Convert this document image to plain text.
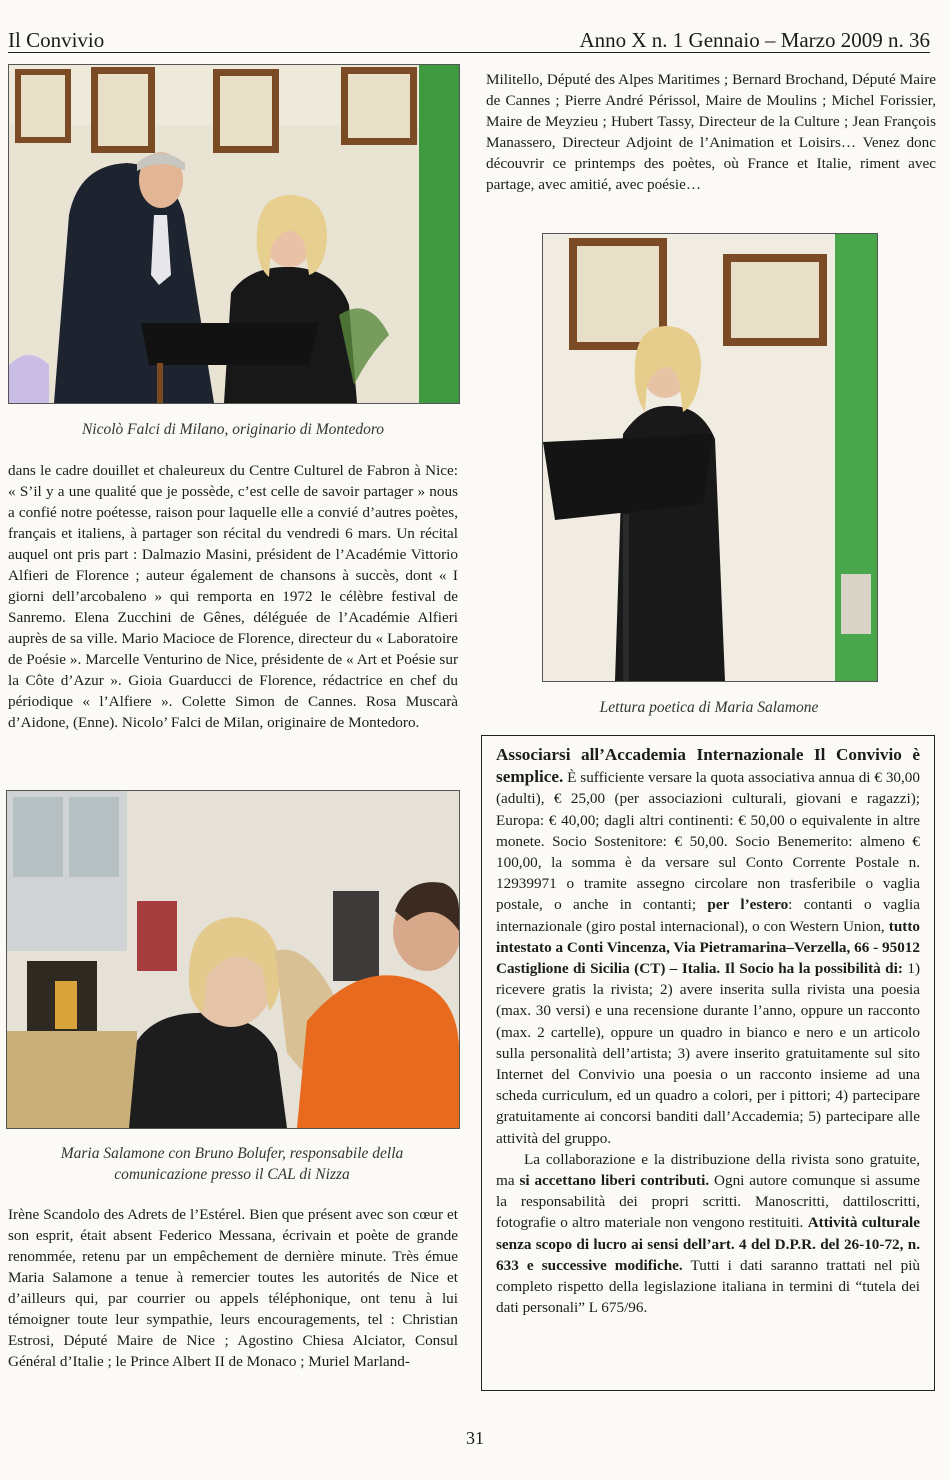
Il Convivio	Anno X n. 1 Gennaio – Marzo 2009 n. 36
Nicolò Falci di Milano, originario di Montedoro

Militello, Député des Alpes Maritimes ; Bernard Brochand, Député Maire de Cannes ; Pierre André Périssol, Maire de Moulins ; Michel Forissier, Maire de Meyzieu ; Hubert Tassy, Directeur de la Culture ; Jean François Manassero, Directeur Adjoint de l’Animation et Loisirs… Venez donc découvrir ce printemps des poètes, où France et Italie, riment avec partage, avec amitié, avec poésie…

Lettura poetica di Maria Salamone

dans le cadre douillet et chaleureux du Centre Culturel de Fabron à Nice: « S’il y a une qualité que je possède, c’est celle de savoir partager » nous a confié notre poétesse, raison pour laquelle elle a convié d’autres poètes, français et italiens, à partager son récital du vendredi 6 mars. Un récital auquel ont pris part : Dalmazio Masini, président de l’Académie Vittorio Alfieri de Florence ; auteur également de chansons à succès, dont « I giorni dell’arcobaleno » qui remporta en 1972 le célèbre festival de Sanremo. Elena Zucchini de Gênes, déléguée de l’Académie Alfieri auprès de sa ville. Mario Macioce de Florence, directeur du « Laboratoire de Poésie ». Marcelle Venturino de Nice, présidente de « Art et Poésie sur la Côte d’Azur ». Gioia Guarducci de Florence, rédactrice en chef du périodique « l’Alfiere ». Colette Simon de Cannes. Rosa Muscarà d’Aidone, (Enne). Nicolo’ Falci de Milan, originaire de Montedoro.

Maria Salamone con Bruno Bolufer, responsabile della
comunicazione presso il CAL di Nizza

Irène Scandolo des Adrets de l’Estérel. Bien que présent avec son cœur et son esprit, était absent Federico Messana, écrivain et poète de grande renommée, retenu par un empêchement de dernière minute. Très émue Maria Salamone a tenue à remercier toutes les autorités de Nice et d’ailleurs qui, par courrier ou appels téléphonique, ont tenu à lui témoigner toute leur sympathie, leurs encouragements, tel : Christian Estrosi, Député Maire de Nice ; Agostino Chiesa Alciator, Consul Général d’Italie ; le Prince Albert II de Monaco ; Muriel Marland-

Associarsi all’Accademia Internazionale Il Convivio è semplice. È sufficiente versare la quota associativa annua di € 30,00 (adulti), € 25,00 (per associazioni culturali, giovani e ragazzi); Europa: € 40,00; dagli altri continenti: € 50,00 o equivalente in altre monete. Socio Sostenitore: € 50,00. Socio Benemerito: almeno € 100,00, la somma è da versare sul Conto Corrente Postale n. 12939971 o tramite assegno circolare non trasferibile o vaglia postale, o anche in contanti; per l’estero: contanti o vaglia internazionale (giro postal internacional), o con Western Union, tutto intestato a Conti Vincenza, Via Pietramarina–Verzella, 66 - 95012 Castiglione di Sicilia (CT) – Italia. Il Socio ha la possibilità di: 1) ricevere gratis la rivista; 2) avere inserita sulla rivista una poesia (max. 30 versi) e una recensione durante l’anno, oppure un racconto (max. 2 cartelle), oppure un quadro in bianco e nero e un articolo sulla personalità dell’artista; 3) avere inserito gratuitamente sul sito Internet del Convivio una poesia o un racconto insieme ad una scheda curriculum, ed un quadro a colori, per i pittori; 4) partecipare gratuitamente ai concorsi banditi dall’Accademia; 5) partecipare alle attività del gruppo.

La collaborazione e la distribuzione della rivista sono gratuite, ma si accettano liberi contributi. Ogni autore comunque si assume la responsabilità dei propri scritti. Manoscritti, dattiloscritti, fotografie o altro materiale non vengono restituiti. Attività culturale senza scopo di lucro ai sensi dell’art. 4 del D.P.R. del 26-10-72, n. 633 e successive modifiche. Tutti i dati saranno trattati nel più completo rispetto della legislazione italiana in termini di “tutela dei dati personali” L 675/96.

31
